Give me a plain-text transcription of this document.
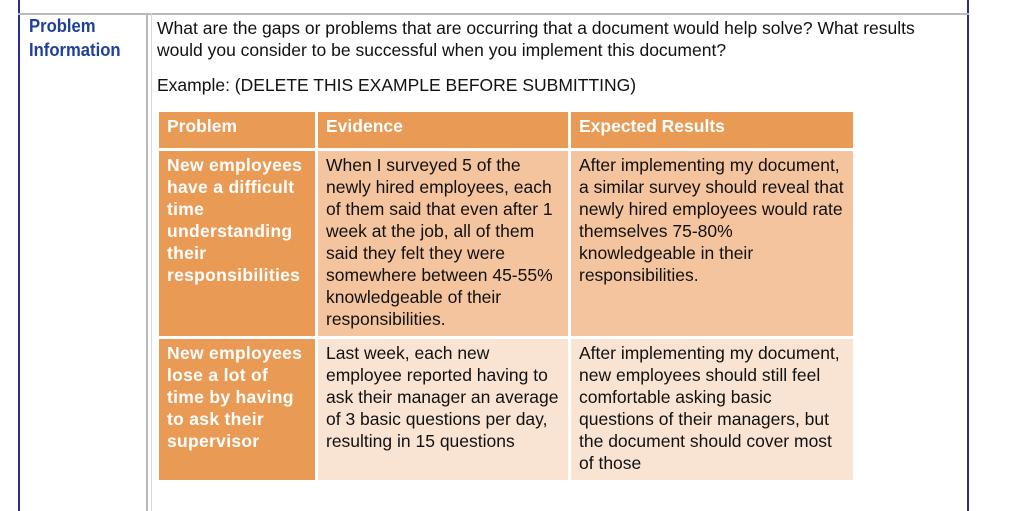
Problem
Information
What are the gaps or problems that are occurring that a document would help solve? What results would you consider to be successful when you implement this document?
Example: (DELETE THIS EXAMPLE BEFORE SUBMITTING)
Problem	Evidence	Expected Results
New employees have a difficult time understanding their responsibilities	When I surveyed 5 of the newly hired employees, each of them said that even after 1 week at the job, all of them said they felt they were somewhere between 45-55% knowledgeable of their responsibilities.	After implementing my document, a similar survey should reveal that newly hired employees would rate themselves 75-80% knowledgeable in their responsibilities.
New employees lose a lot of time by having to ask their supervisor	Last week, each new employee reported having to ask their manager an average of 3 basic questions per day, resulting in 15 questions	After implementing my document, new employees should still feel comfortable asking basic questions of their managers, but the document should cover most of those
